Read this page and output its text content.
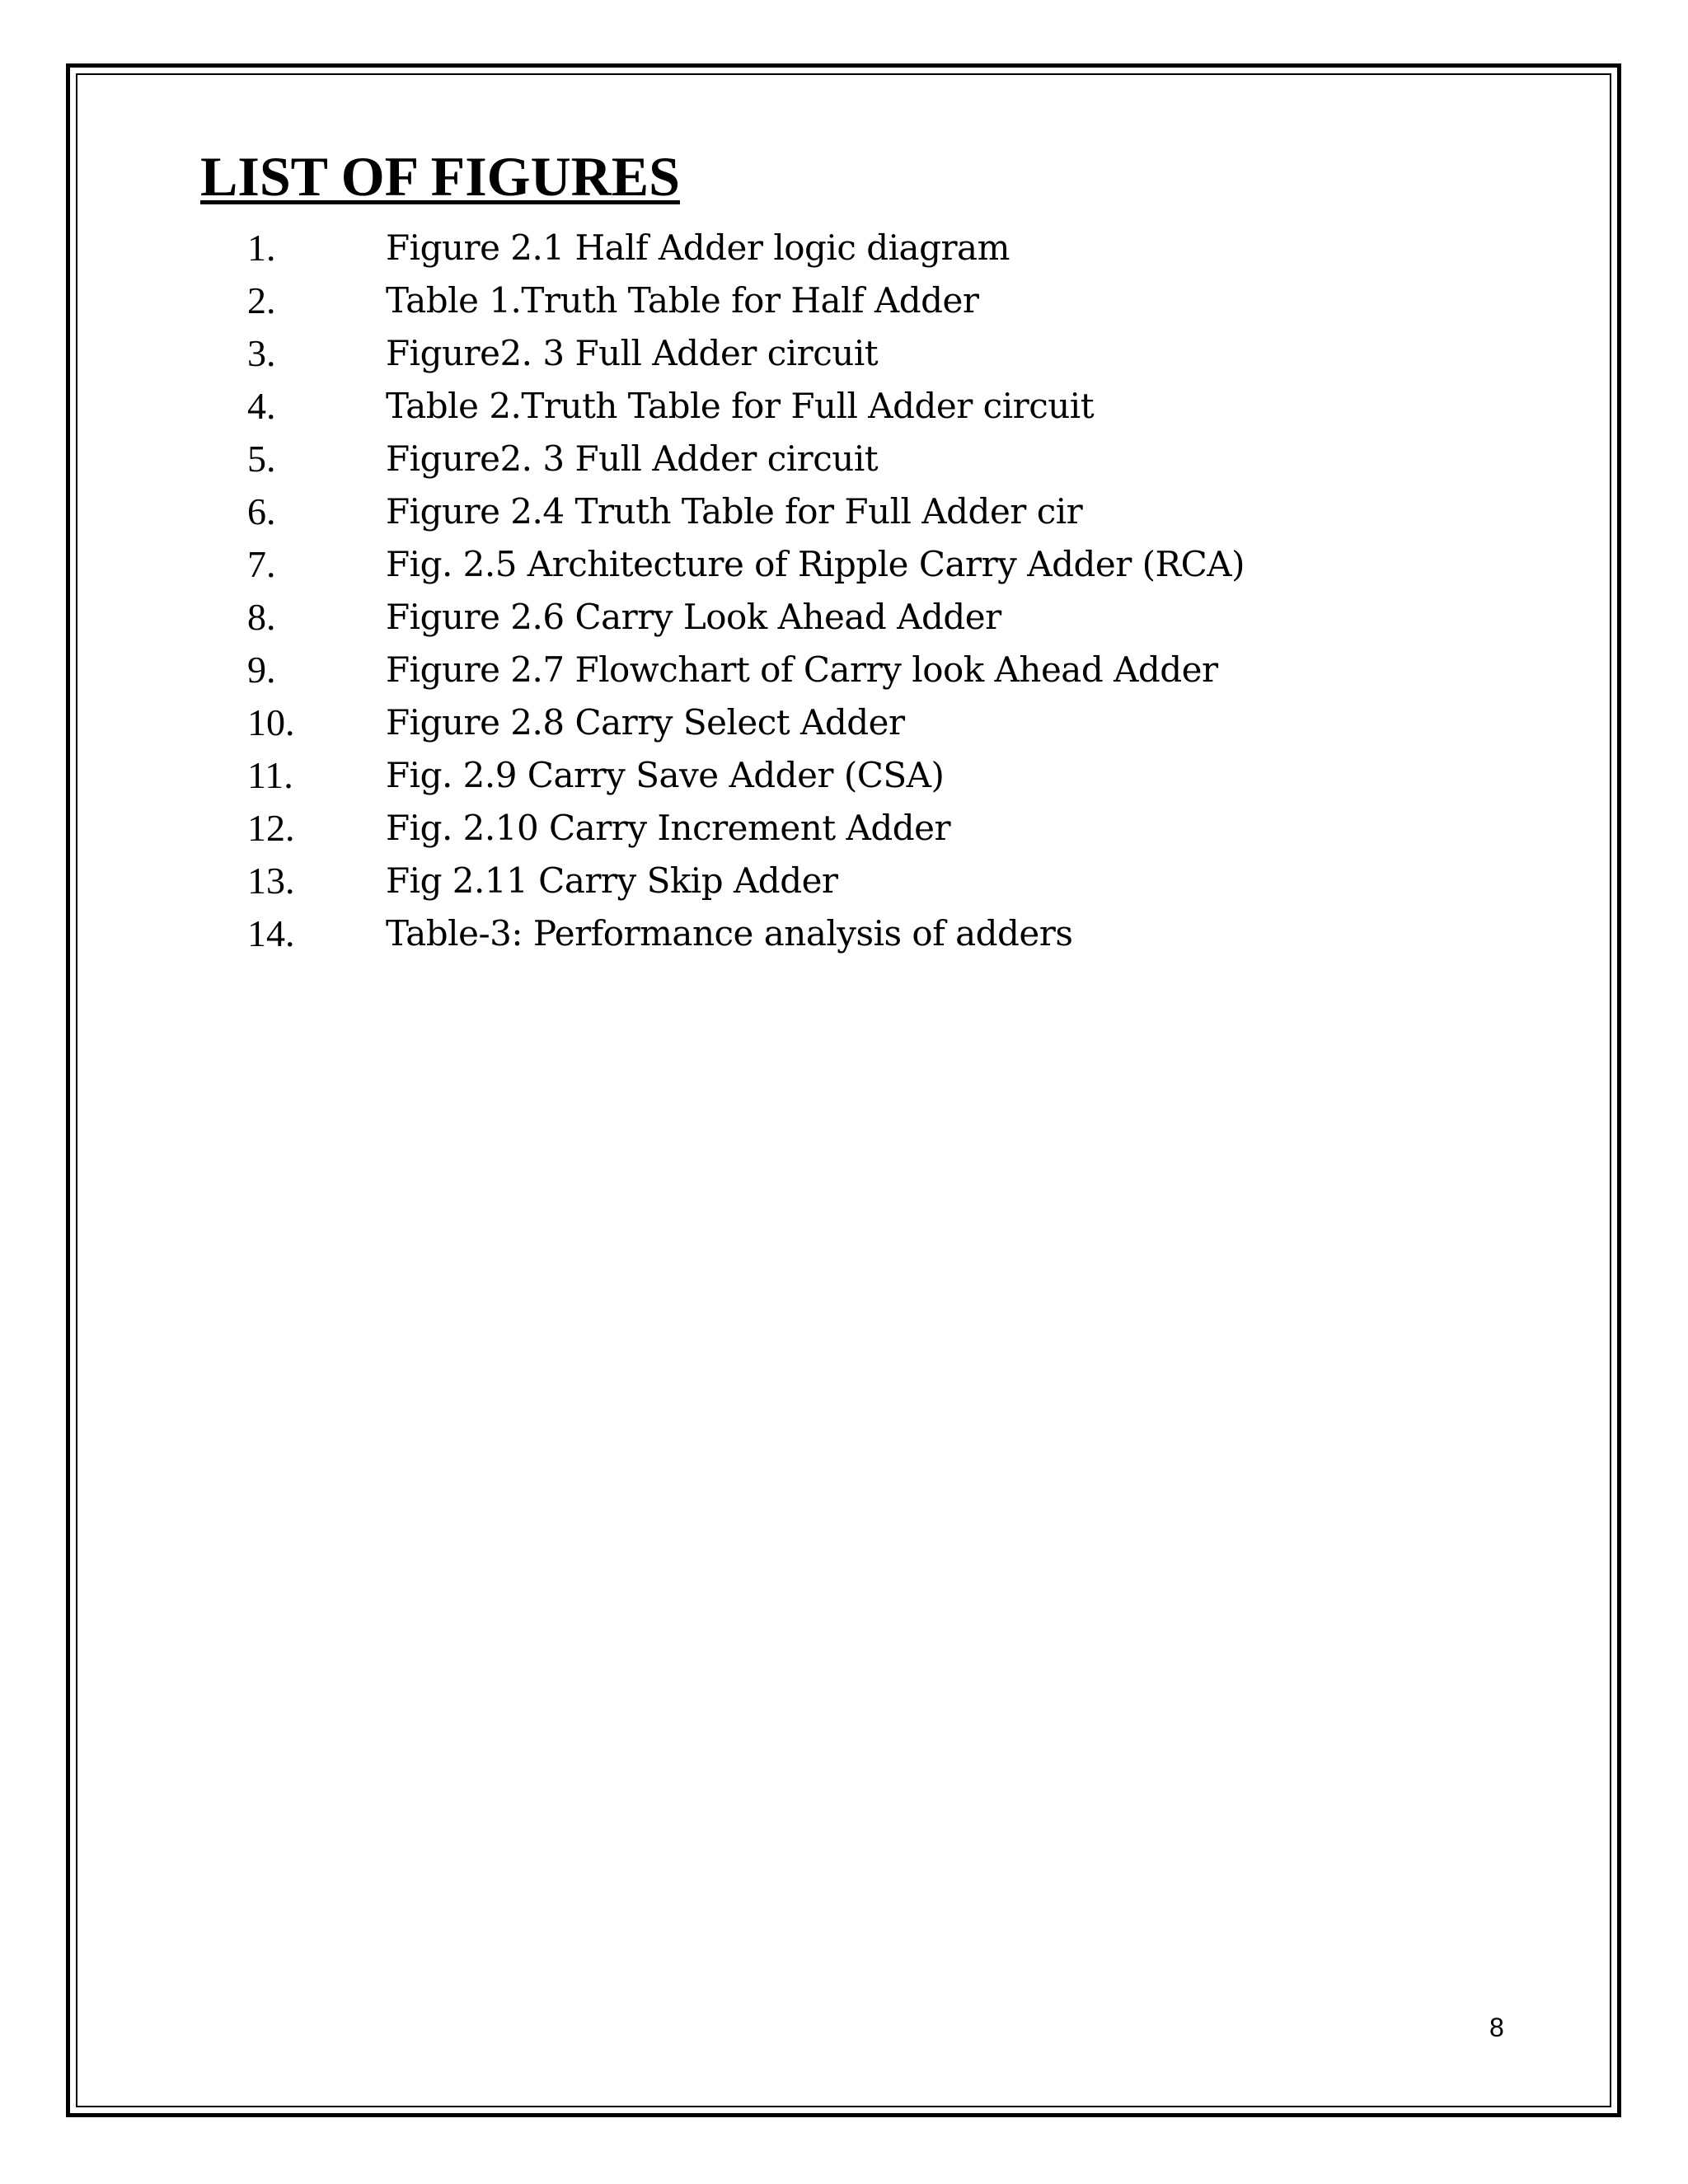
LIST OF FIGURES
1.	Figure 2.1 Half Adder logic diagram
2.	Table 1.Truth Table for Half Adder
3.	Figure2. 3 Full Adder circuit
4.	Table 2.Truth Table for Full Adder circuit
5.	Figure2. 3 Full Adder circuit
6.	Figure 2.4 Truth Table for Full Adder cir
7.	Fig. 2.5 Architecture of Ripple Carry Adder (RCA)
8.	Figure 2.6 Carry Look Ahead Adder
9.	Figure 2.7 Flowchart of Carry look Ahead Adder
10.	Figure 2.8 Carry Select Adder
11.	Fig. 2.9 Carry Save Adder (CSA)
12.	Fig. 2.10 Carry Increment Adder
13.	Fig 2.11 Carry Skip Adder
14.	Table-3: Performance analysis of adders
8
